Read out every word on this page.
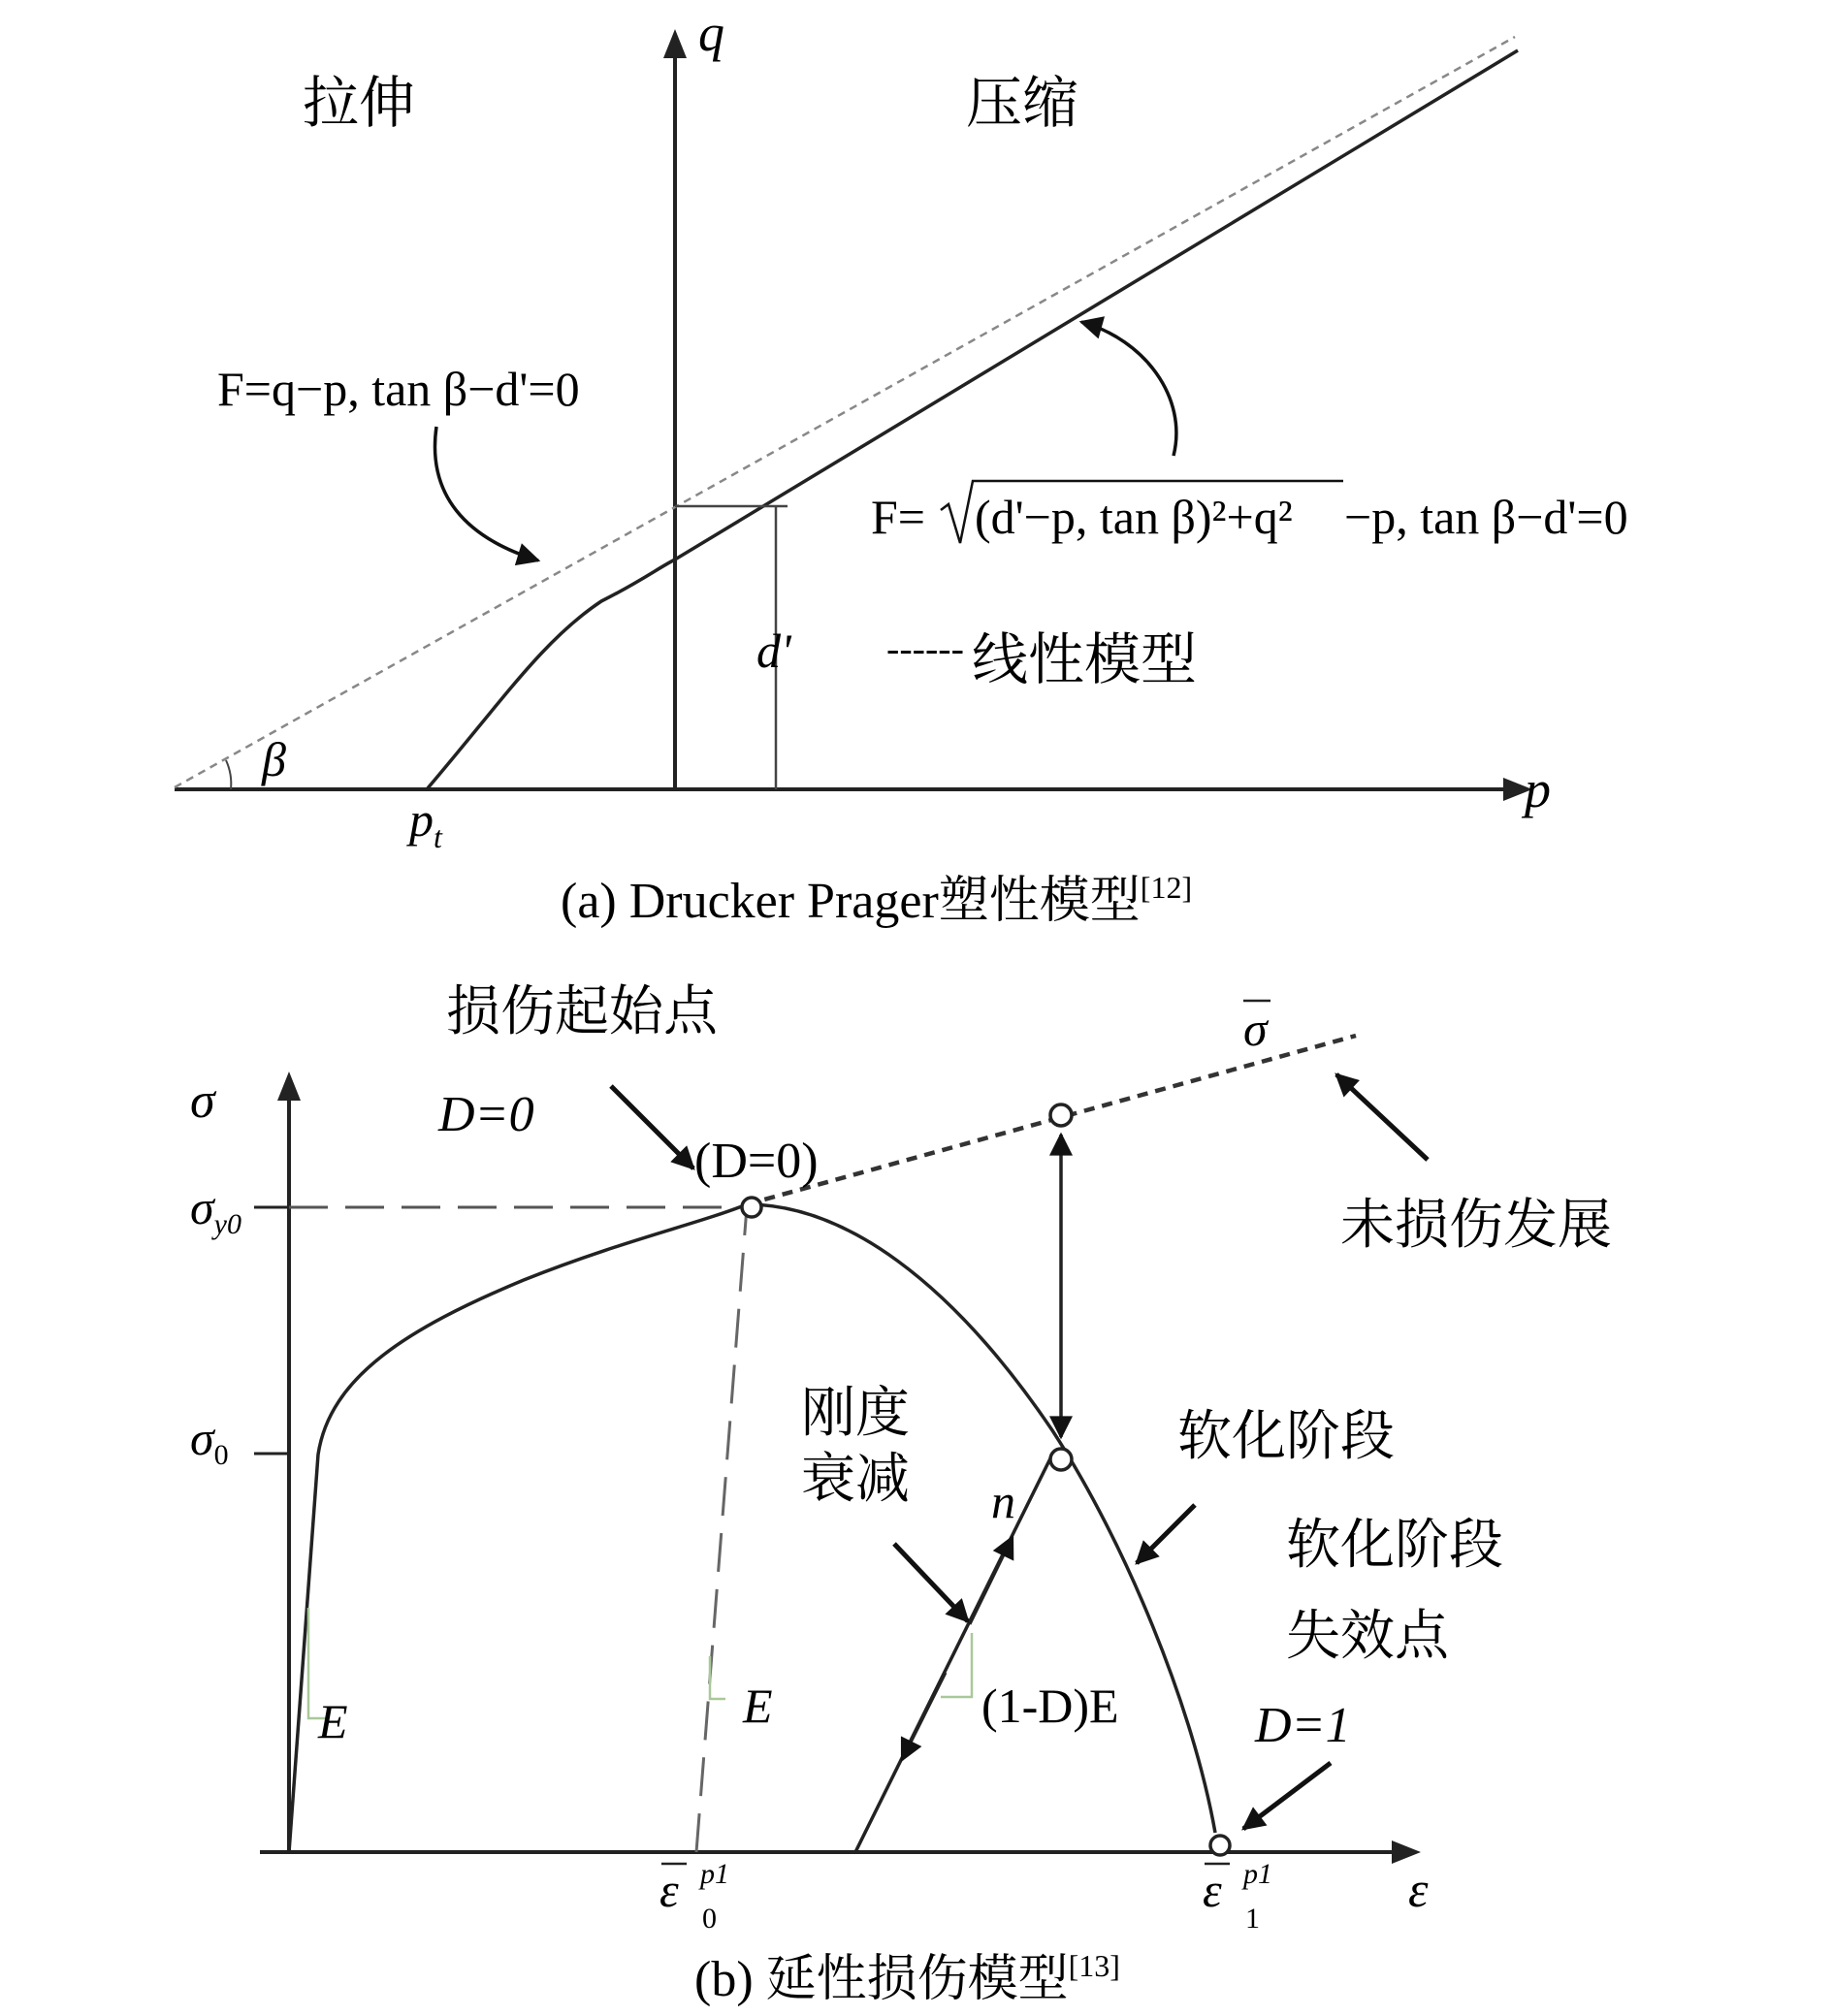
q
p
拉伸	压缩
d'
β
$p_t$
F=q−p, tan β−d'=0
F= (d'−p, tan β)²+q² −p, tan β−d'=0
------ 线性模型
(a) Drucker Prager塑性模型[12]
σ
ε
$\sigma_{y0}$
$\sigma_0$
ε p1
0
ε p1
1
损伤起始点
D=0
(D=0)
σ
未损伤发展
刚度
衰减 n
软化阶段
软化阶段
失效点
D=1
E	E	(1-D)E
(b) 延性损伤模型[13]
